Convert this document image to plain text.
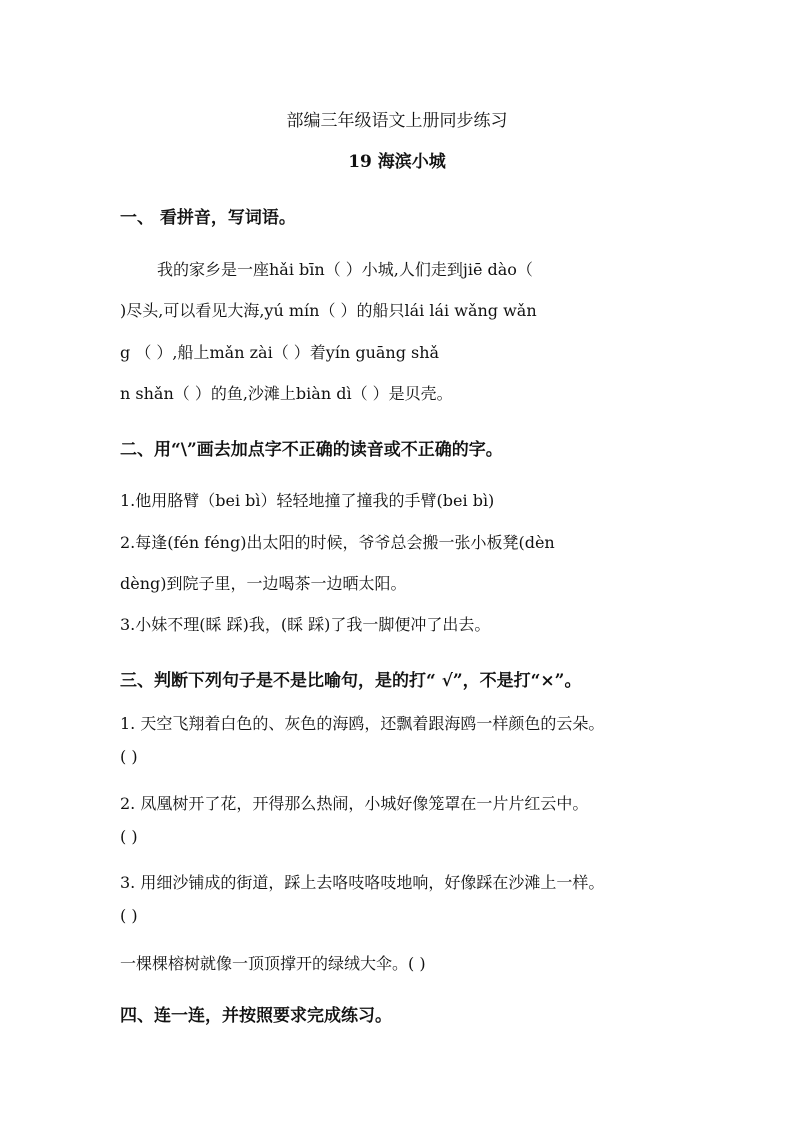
部编三年级语文上册同步练习
19 海滨小城
一、 看拼音，写词语。
我的家乡是一座hǎi bīn（ ）小城,人们走到jiē dào（
)尽头,可以看见大海,yú mín（ ）的船只lái lái wǎng wǎn
g （ ）,船上mǎn zài（ ）着yín guāng shǎ
n shǎn（ ）的鱼,沙滩上biàn dì（ ）是贝壳。
二、用“\”画去加点字不正确的读音或不正确的字。
1.他用胳臂（bei bì）轻轻地撞了撞我的手臂(bei bì)
2.每逢(fén féng)出太阳的时候，爷爷总会搬一张小板凳(dèn
dèng)到院子里，一边喝茶一边晒太阳。
3.小妹不理(睬 踩)我，(睬 踩)了我一脚便冲了出去。
三、判断下列句子是不是比喻句，是的打“ √”，不是打“×”。
1. 天空飞翔着白色的、灰色的海鸥，还飘着跟海鸥一样颜色的云朵。
( )
2. 凤凰树开了花，开得那么热闹，小城好像笼罩在一片片红云中。
( )
3. 用细沙铺成的街道，踩上去咯吱咯吱地响，好像踩在沙滩上一样。
( )
一棵棵榕树就像一顶顶撑开的绿绒大伞。( )
四、连一连，并按照要求完成练习。
